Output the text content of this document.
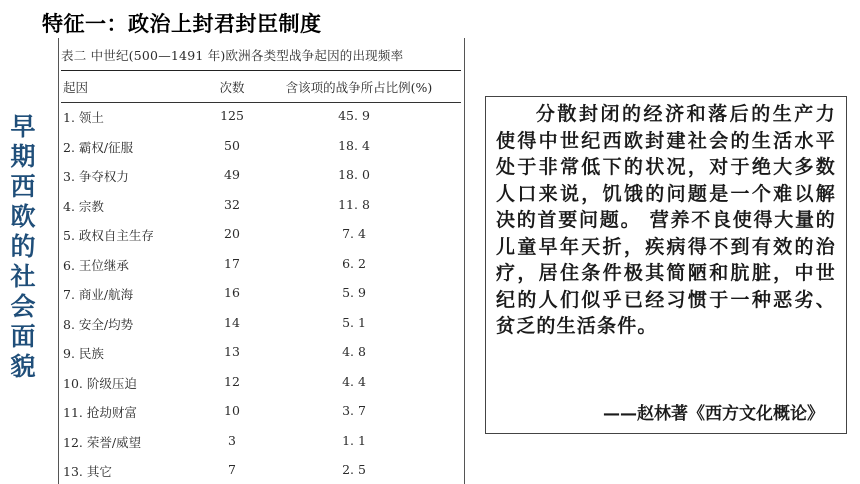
特征一：政治上封君封臣制度
早
期
西
欧
的
社
会
面
貌
表二 中世纪(500—1491 年)欧洲各类型战争起因的出现频率
起因	次数	含该项的战争所占比例(%)
1. 领土	125	45. 9
2. 霸权/征服	50	18. 4
3. 争夺权力	49	18. 0
4. 宗教	32	11. 8
5. 政权自主生存	20	7. 4
6. 王位继承	17	6. 2
7. 商业/航海	16	5. 9
8. 安全/均势	14	5. 1
9. 民族	13	4. 8
10. 阶级压迫	12	4. 4
11. 抢劫财富	10	3. 7
12. 荣誉/威望	3	1. 1
13. 其它	7	2. 5
分散封闭的经济和落后的生产力使得中世纪西欧封建社会的生活水平处于非常低下的状况，对于绝大多数人口来说，饥饿的问题是一个难以解决的首要问题。 营养不良使得大量的儿童早年天折，疾病得不到有效的治疗，居住条件极其简陋和肮脏，中世纪的人们似乎已经习惯于一种恶劣、 贫乏的生活条件。
——赵林著《西方文化概论》
